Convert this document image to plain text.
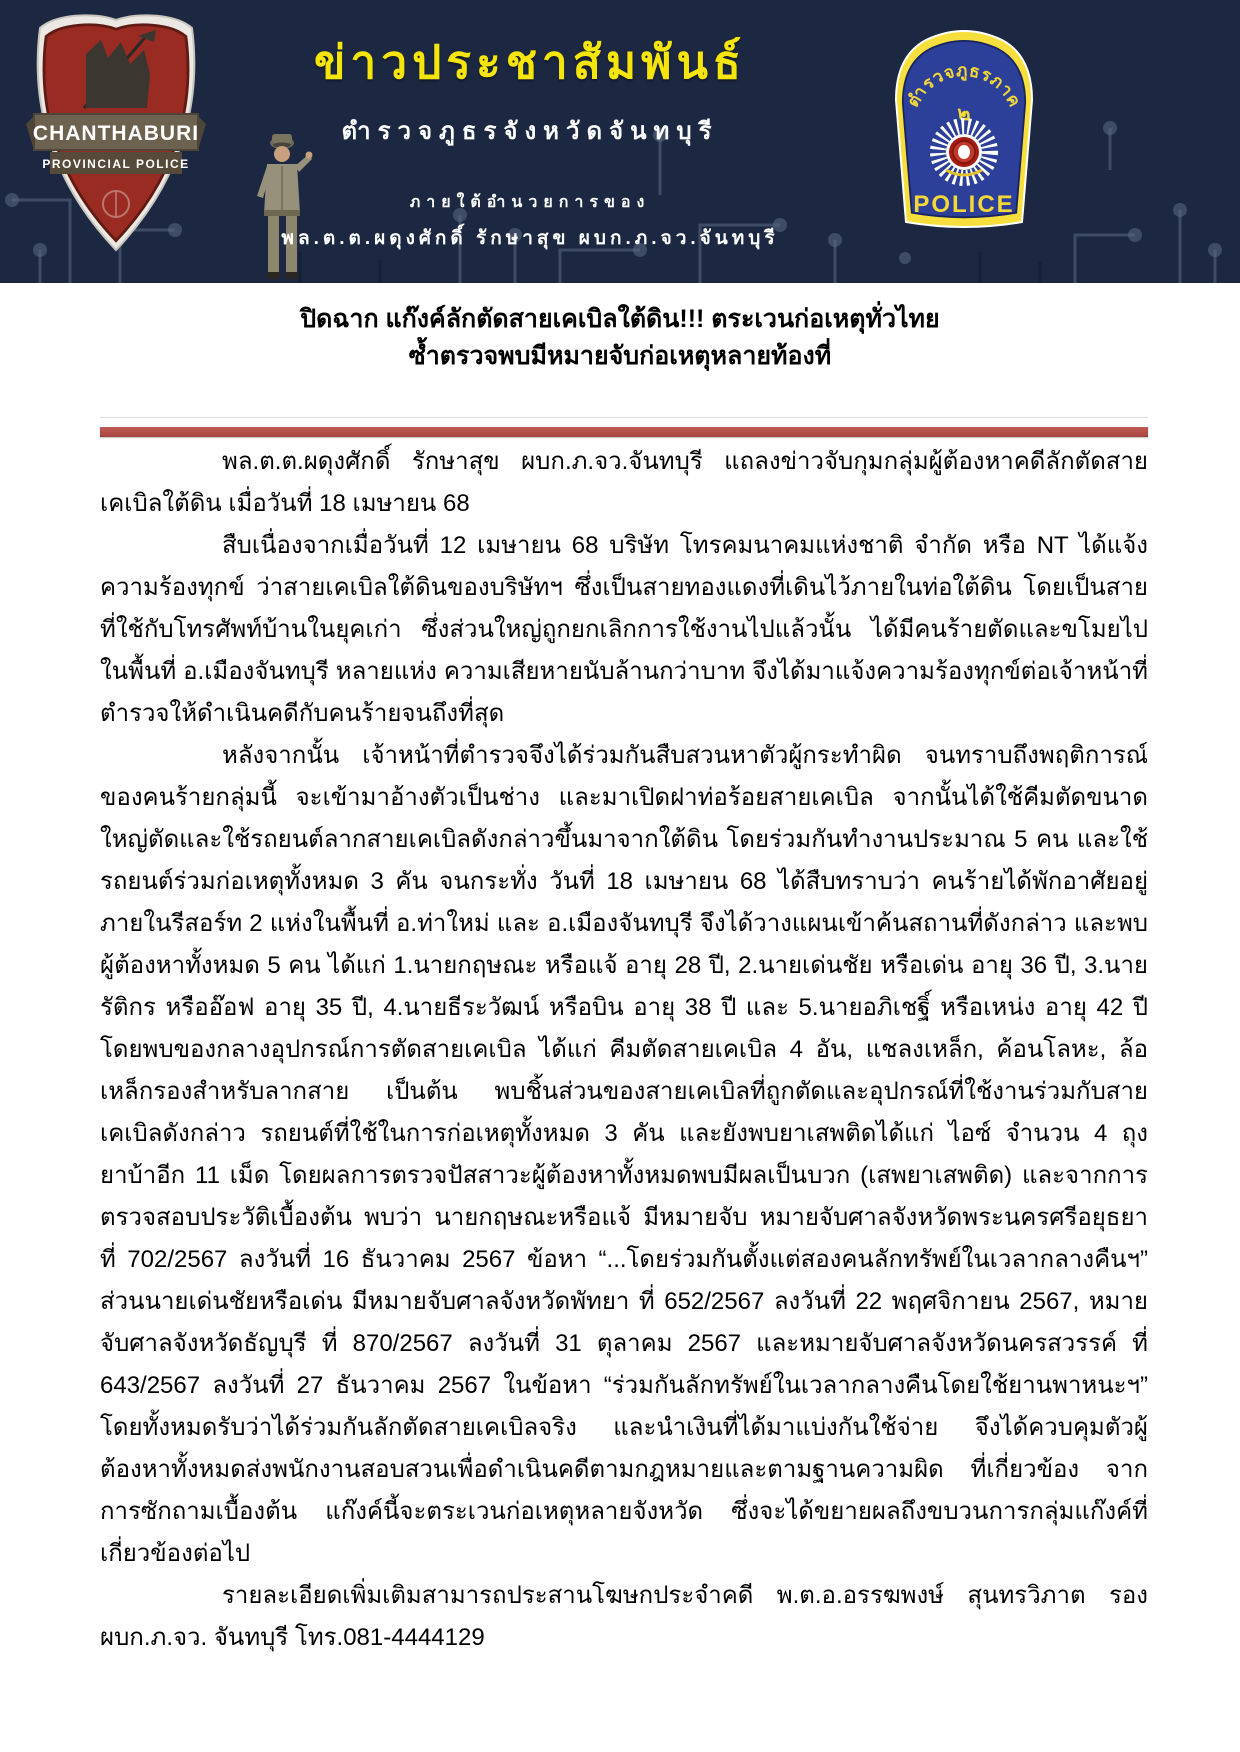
CHANTHABURI
PROVINCIAL POLICE
ข่าวประชาสัมพันธ์
ตำรวจภูธรจังหวัดจันทบุรี
ภายใต้อำนวยการของ
พล.ต.ต.ผดุงศักดิ์ รักษาสุข ผบก.ภ.จว.จันทบุรี
ตำรวจภูธรภาค
๒
POLICE
ปิดฉาก แก๊งค์ลักตัดสายเคเบิลใต้ดิน!!! ตระเวนก่อเหตุทั่วไทย
ซ้ำตรวจพบมีหมายจับก่อเหตุหลายท้องที่

พล.ต.ต.ผดุงศักดิ์ รักษาสุข ผบก.ภ.จว.จันทบุรี แถลงข่าวจับกุมกลุ่มผู้ต้องหาคดีลักตัดสายเคเบิลใต้ดิน เมื่อวันที่ 18 เมษายน 68

สืบเนื่องจากเมื่อวันที่ 12 เมษายน 68 บริษัท โทรคมนาคมแห่งชาติ จำกัด หรือ NT ได้แจ้งความร้องทุกข์ ว่าสายเคเบิลใต้ดินของบริษัทฯ ซึ่งเป็นสายทองแดงที่เดินไว้ภายในท่อใต้ดิน โดยเป็นสายที่ใช้กับโทรศัพท์บ้านในยุคเก่า ซึ่งส่วนใหญ่ถูกยกเลิกการใช้งานไปแล้วนั้น ได้มีคนร้ายตัดและขโมยไป ในพื้นที่ อ.เมืองจันทบุรี หลายแห่ง ความเสียหายนับล้านกว่าบาท จึงได้มาแจ้งความร้องทุกข์ต่อเจ้าหน้าที่ตำรวจให้ดำเนินคดีกับคนร้ายจนถึงที่สุด

หลังจากนั้น เจ้าหน้าที่ตำรวจจึงได้ร่วมกันสืบสวนหาตัวผู้กระทำผิด จนทราบถึงพฤติการณ์ของคนร้ายกลุ่มนี้ จะเข้ามาอ้างตัวเป็นช่าง และมาเปิดฝาท่อร้อยสายเคเบิล จากนั้นได้ใช้คีมตัดขนาดใหญ่ตัดและใช้รถยนต์ลากสายเคเบิลดังกล่าวขึ้นมาจากใต้ดิน โดยร่วมกันทำงานประมาณ 5 คน และใช้รถยนต์ร่วมก่อเหตุทั้งหมด 3 คัน จนกระทั่ง วันที่ 18 เมษายน 68 ได้สืบทราบว่า คนร้ายได้พักอาศัยอยู่ภายในรีสอร์ท 2 แห่งในพื้นที่ อ.ท่าใหม่ และ อ.เมืองจันทบุรี จึงได้วางแผนเข้าค้นสถานที่ดังกล่าว และพบผู้ต้องหาทั้งหมด 5 คน ได้แก่ 1.นายกฤษณะ หรือแจ้ อายุ 28 ปี, 2.นายเด่นชัย หรือเด่น อายุ 36 ปี, 3.นายรัติกร หรืออ๊อฟ อายุ 35 ปี, 4.นายธีระวัฒน์ หรือบิน อายุ 38 ปี และ 5.นายอภิเชฐิ์ หรือเหน่ง อายุ 42 ปี โดยพบของกลางอุปกรณ์การตัดสายเคเบิล ได้แก่ คีมตัดสายเคเบิล 4 อัน, แชลงเหล็ก, ค้อนโลหะ, ล้อเหล็กรองสำหรับลากสาย เป็นต้น พบชิ้นส่วนของสายเคเบิลที่ถูกตัดและอุปกรณ์ที่ใช้งานร่วมกับสายเคเบิลดังกล่าว รถยนต์ที่ใช้ในการก่อเหตุทั้งหมด 3 คัน และยังพบยาเสพติดได้แก่ ไอซ์ จำนวน 4 ถุง ยาบ้าอีก 11 เม็ด โดยผลการตรวจปัสสาวะผู้ต้องหาทั้งหมดพบมีผลเป็นบวก (เสพยาเสพติด) และจากการตรวจสอบประวัติเบื้องต้น พบว่า นายกฤษณะหรือแจ้ มีหมายจับ หมายจับศาลจังหวัดพระนครศรีอยุธยา ที่ 702/2567 ลงวันที่ 16 ธันวาคม 2567 ข้อหา “...โดยร่วมกันตั้งแต่สองคนลักทรัพย์ในเวลากลางคืนฯ” ส่วนนายเด่นชัยหรือเด่น มีหมายจับศาลจังหวัดพัทยา ที่ 652/2567 ลงวันที่ 22 พฤศจิกายน 2567, หมายจับศาลจังหวัดธัญบุรี ที่ 870/2567 ลงวันที่ 31 ตุลาคม 2567 และหมายจับศาลจังหวัดนครสวรรค์ ที่ 643/2567 ลงวันที่ 27 ธันวาคม 2567 ในข้อหา “ร่วมกันลักทรัพย์ในเวลากลางคืนโดยใช้ยานพาหนะฯ” โดยทั้งหมดรับว่าได้ร่วมกันลักตัดสายเคเบิลจริง และนำเงินที่ได้มาแบ่งกันใช้จ่าย จึงได้ควบคุมตัวผู้ต้องหาทั้งหมดส่งพนักงานสอบสวนเพื่อดำเนินคดีตามกฎหมายและตามฐานความผิด ที่เกี่ยวข้อง จากการซักถามเบื้องต้น แก๊งค์นี้จะตระเวนก่อเหตุหลายจังหวัด ซึ่งจะได้ขยายผลถึงขบวนการกลุ่มแก๊งค์ที่เกี่ยวข้องต่อไป

รายละเอียดเพิ่มเติมสามารถประสานโฆษกประจำคดี พ.ต.อ.อรรฆพงษ์ สุนทรวิภาต รอง ผบก.ภ.จว. จันทบุรี โทร.081-4444129
